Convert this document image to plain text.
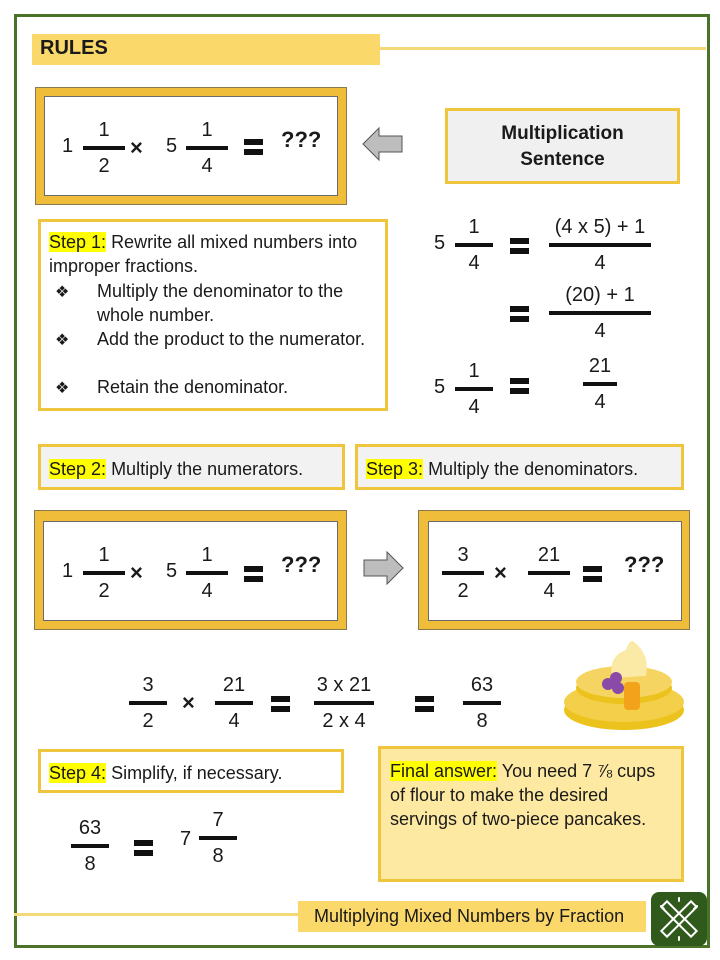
RULES
1
1
2
× 5
1
4
???	Multiplication
Sentence
Step 1: Rewrite all mixed numbers into improper fractions.
❖ Multiply the denominator to the whole number.
❖ Add the product to the numerator.
❖ Retain the denominator.
5
1
4
(4 x 5) + 1
4
(20) + 1
4
5
1
4
21
4
Step 2: Multiply the numerators.	Step 3: Multiply the denominators.
1
1
2
× 5
1
4
???	3
2
×
21
4
???
3
2
×
21
4
3 x 21
2 x 4
63
8
Step 4: Simplify, if necessary.
63
8
7
7
8
Final answer: You need 7 ⅞ cups of flour to make the desired servings of two-piece pancakes.
Multiplying Mixed Numbers by Fraction
